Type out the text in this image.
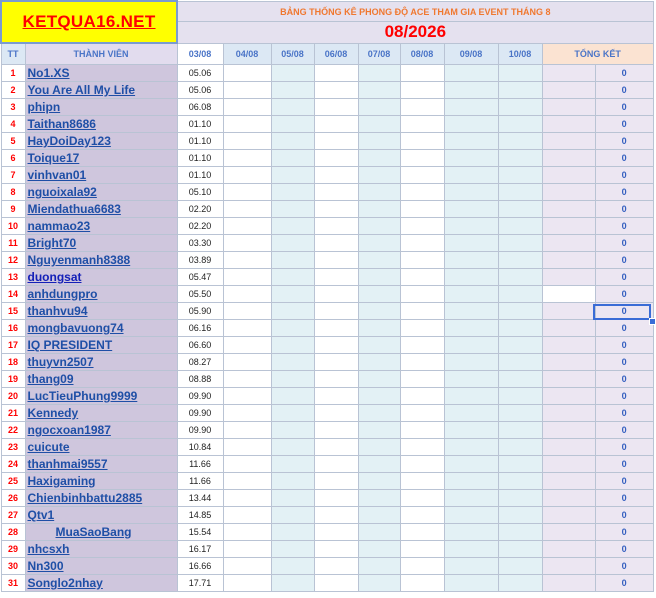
KETQUA16.NET		BẢNG THỐNG KÊ PHONG ĐỘ ACE THAM GIA EVENT THÁNG 8									
		08/2026									
TT	THÀNH VIÊN	03/08	04/08	05/08	06/08	07/08	08/08	09/08	10/08	TỔNG KẾT	
1	No1.XS	05.06									0
2	You Are All My Life	05.06									0
3	phipn	06.08									0
4	Taithan8686	01.10									0
5	HayDoiDay123	01.10									0
6	Toique17	01.10									0
7	vinhvan01	01.10									0
8	nguoixala92	05.10									0
9	Miendathua6683	02.20									0
10	nammao23	02.20									0
11	Bright70	03.30									0
12	Nguyenmanh8388	03.89									0
13	duongsat	05.47									0
14	anhdungpro	05.50									0
15	thanhvu94	05.90									0
16	mongbavuong74	06.16									0
17	IQ PRESIDENT	06.60									0
18	thuyvn2507	08.27									0
19	thang09	08.88									0
20	LucTieuPhung9999	09.90									0
21	Kennedy	09.90									0
22	ngocxoan1987	09.90									0
23	cuicute	10.84									0
24	thanhmai9557	11.66									0
25	Haxigaming	11.66									0
26	Chienbinhbattu2885	13.44									0
27	Qtv1	14.85									0
28	MuaSaoBang	15.54									0
29	nhcsxh	16.17									0
30	Nn300	16.66									0
31	Songlo2nhay	17.71									0
